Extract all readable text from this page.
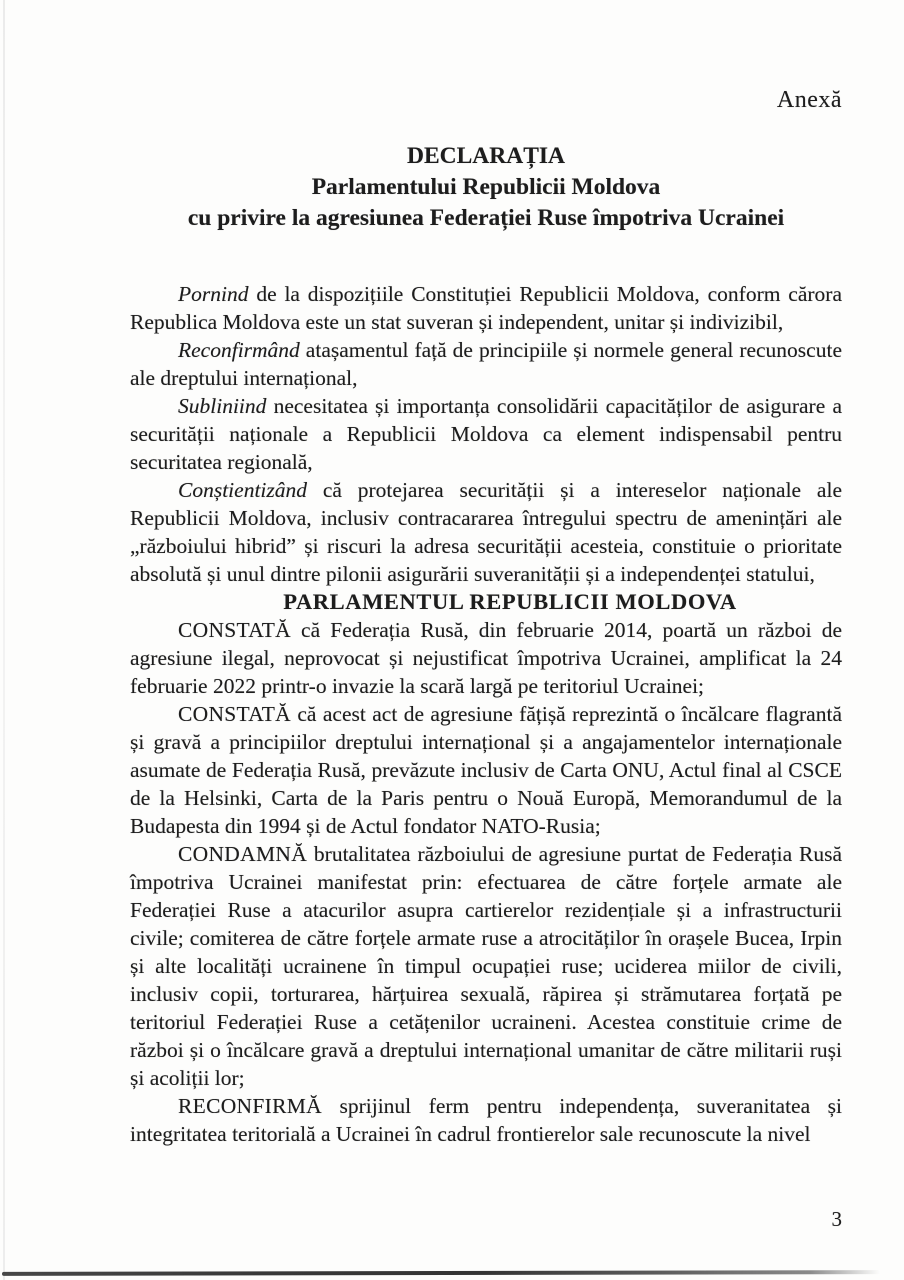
Anexă
DECLARAȚIA
Parlamentului Republicii Moldova
cu privire la agresiunea Federației Ruse împotriva Ucrainei

Pornind de la dispozițiile Constituției Republicii Moldova, conform cărora Republica Moldova este un stat suveran și independent, unitar și indivizibil,

Reconfirmând atașamentul față de principiile și normele general recunoscute ale dreptului internațional,

Subliniind necesitatea și importanța consolidării capacităților de asigurare a securității naționale a Republicii Moldova ca element indispensabil pentru securitatea regională,

Conștientizând că protejarea securității și a intereselor naționale ale Republicii Moldova, inclusiv contracararea întregului spectru de amenințări ale „războiului hibrid” și riscuri la adresa securității acesteia, constituie o prioritate absolută și unul dintre pilonii asigurării suveranității și a independenței statului,

PARLAMENTUL REPUBLICII MOLDOVA

CONSTATĂ că Federația Rusă, din februarie 2014, poartă un război de agresiune ilegal, neprovocat și nejustificat împotriva Ucrainei, amplificat la 24 februarie 2022 printr-o invazie la scară largă pe teritoriul Ucrainei;

CONSTATĂ că acest act de agresiune fățișă reprezintă o încălcare flagrantă și gravă a principiilor dreptului internațional și a angajamentelor internaționale asumate de Federația Rusă, prevăzute inclusiv de Carta ONU, Actul final al CSCE de la Helsinki, Carta de la Paris pentru o Nouă Europă, Memorandumul de la Budapesta din 1994 și de Actul fondator NATO-Rusia;

CONDAMNĂ brutalitatea războiului de agresiune purtat de Federația Rusă împotriva Ucrainei manifestat prin: efectuarea de către forțele armate ale Federației Ruse a atacurilor asupra cartierelor rezidențiale și a infrastructurii civile; comiterea de către forțele armate ruse a atrocităților în orașele Bucea, Irpin și alte localități ucrainene în timpul ocupației ruse; uciderea miilor de civili, inclusiv copii, torturarea, hărțuirea sexuală, răpirea și strămutarea forțată pe teritoriul Federației Ruse a cetățenilor ucraineni. Acestea constituie crime de război și o încălcare gravă a dreptului internațional umanitar de către militarii ruși și acoliții lor;

RECONFIRMĂ sprijinul ferm pentru independența, suveranitatea și integritatea teritorială a Ucrainei în cadrul frontierelor sale recunoscute la nivel

3
